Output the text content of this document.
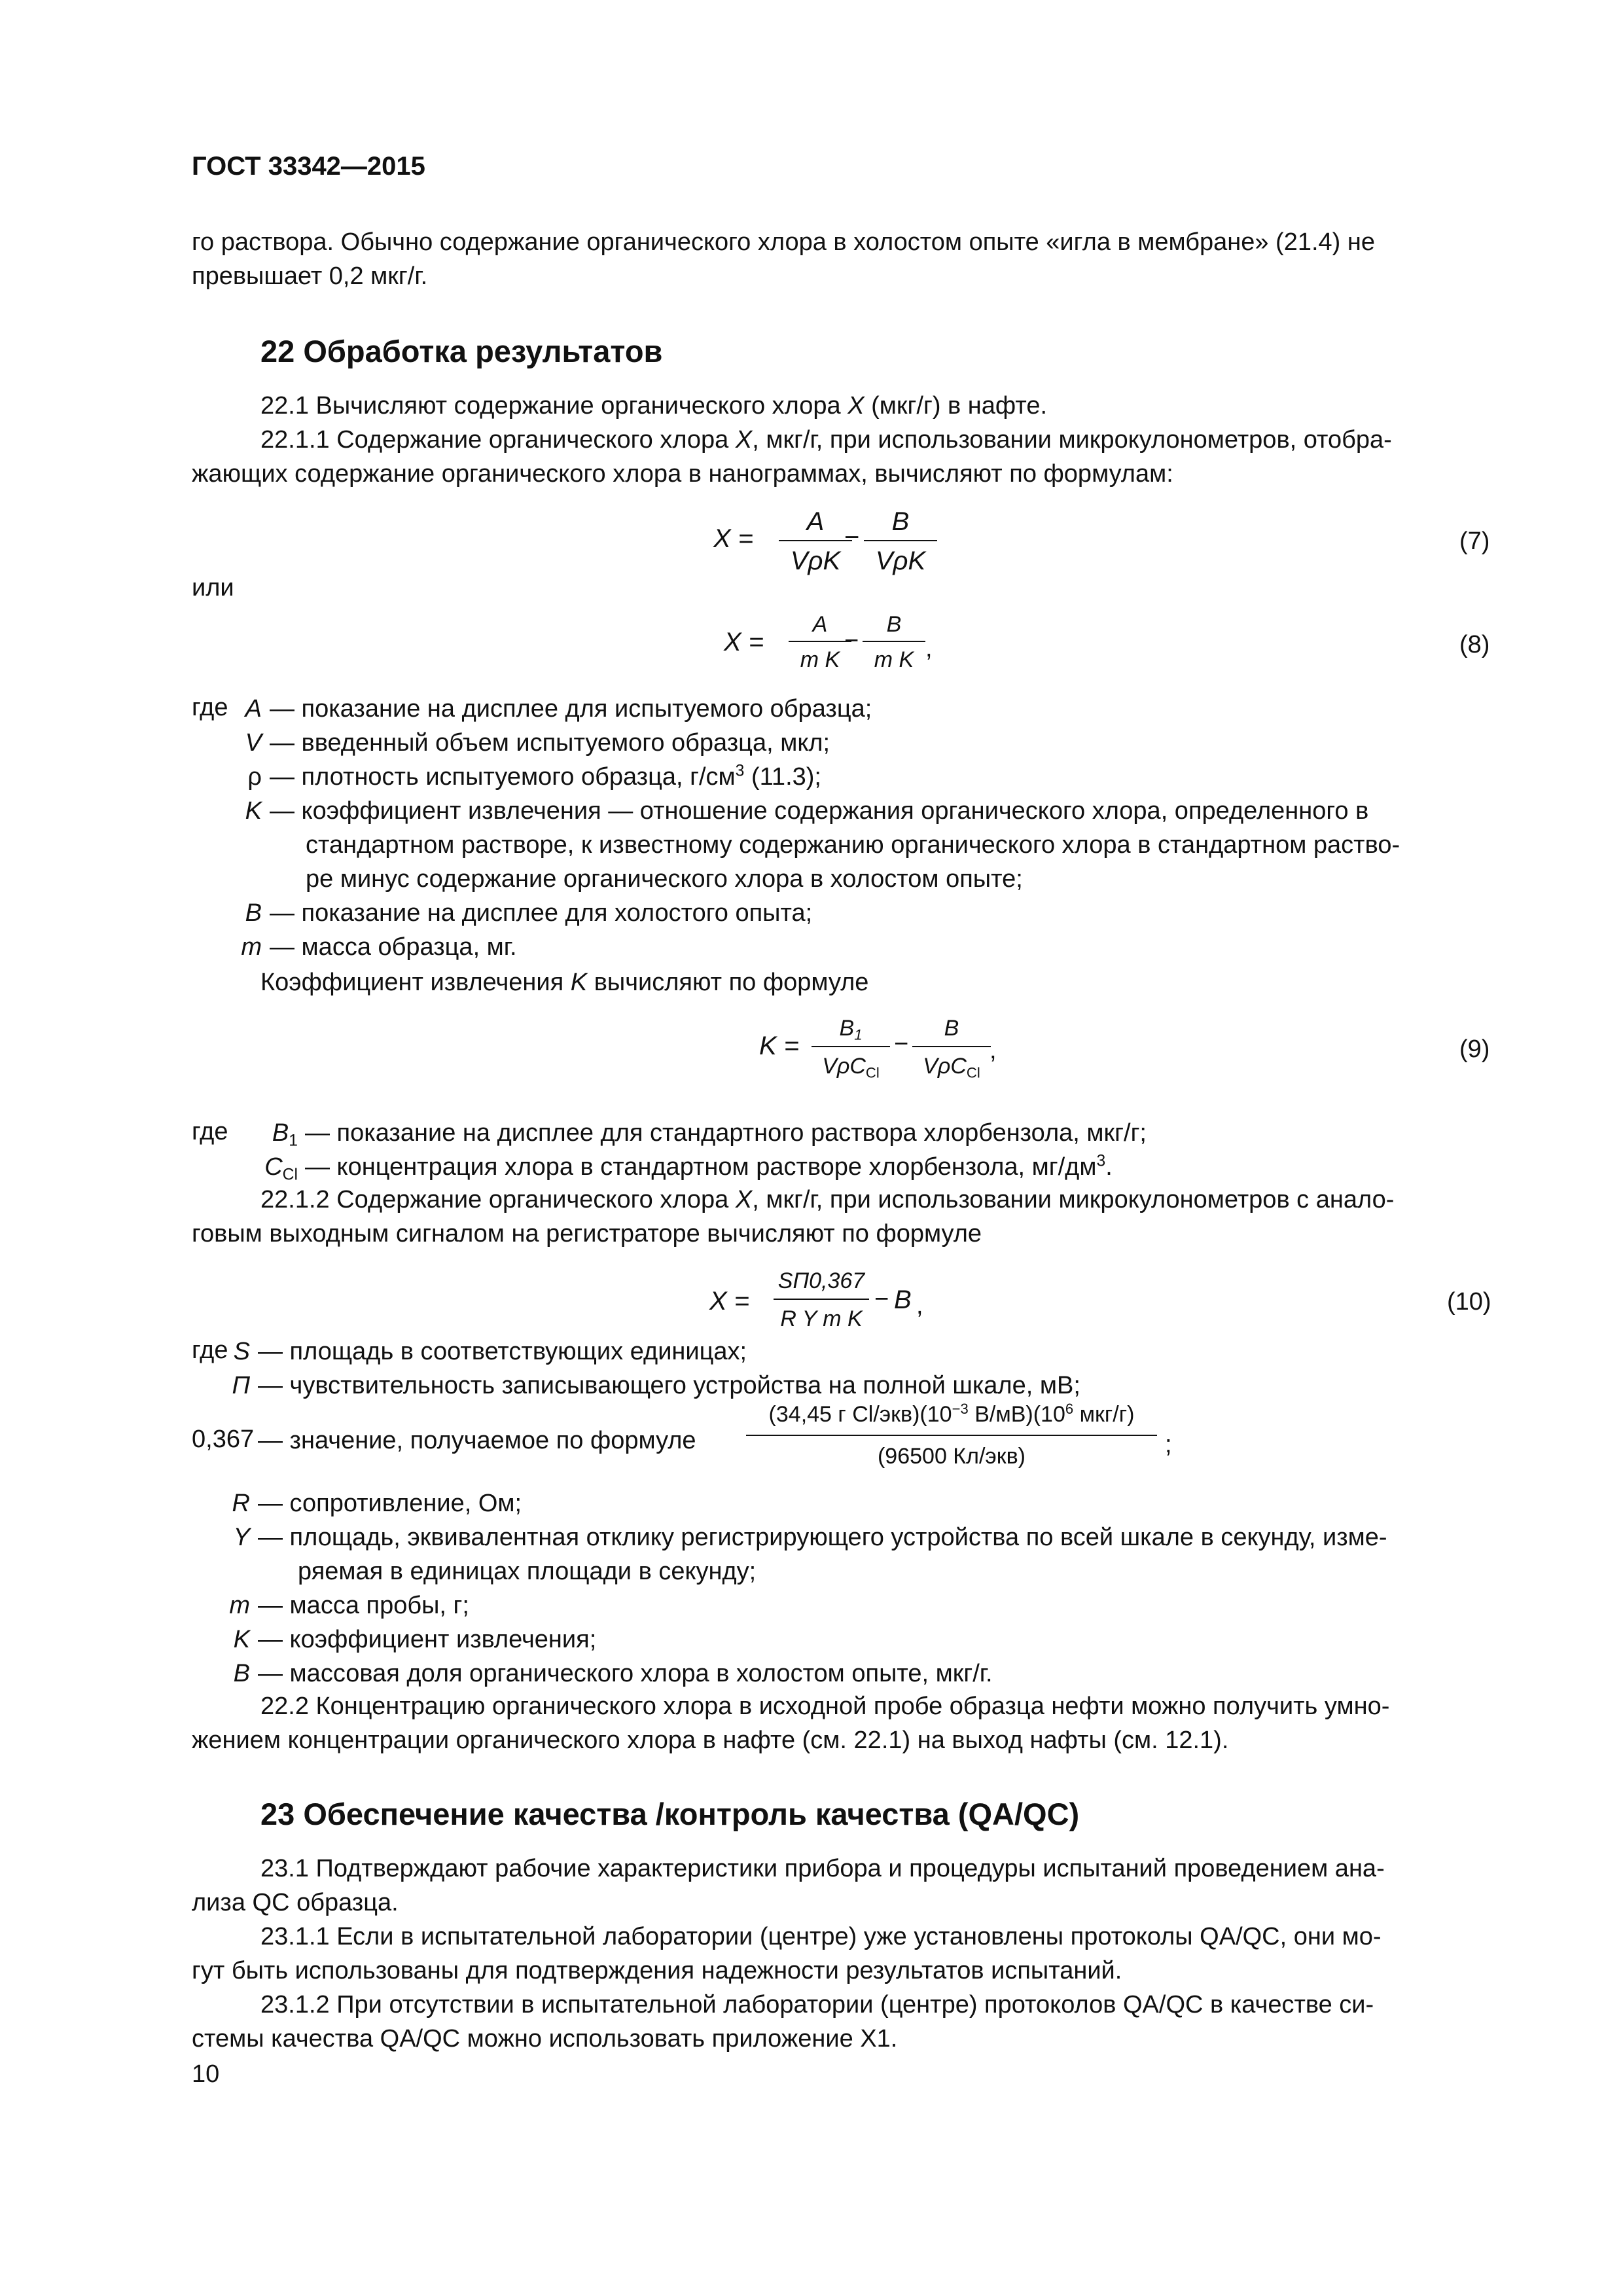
ГОСТ 33342—2015
го раствора. Обычно содержание органического хлора в холостом опыте «игла в мембране» (21.4) не
превышает 0,2 мкг/г.
22 Обработка результатов
22.1 Вычисляют содержание органического хлора X (мкг/г) в нафте.
22.1.1 Содержание органического хлора X, мкг/г, при использовании микрокулонометров, отобра-
жающих содержание органического хлора в нанограммах, вычисляют по формулам:
X =
A
VρK
−
B
VρK
(7)
или
X =
A
m K
−
B
m K ,	(8)
где A — показание на дисплее для испытуемого образца;
V — введенный объем испытуемого образца, мкл;
ρ — плотность испытуемого образца, $г/см^3$ (11.3);
K — коэффициент извлечения — отношение содержания органического хлора, определенного в
стандартном растворе, к известному содержанию органического хлора в стандартном раство-
ре минус содержание органического хлора в холостом опыте;
B — показание на дисплее для холостого опыта;
m — масса образца, мг.
Коэффициент извлечения K вычисляют по формуле
K =
$B_1$
VρC$_{Cl}$
−
B
VρC$_{Cl}$
,	(9)
где $B_1$ — показание на дисплее для стандартного раствора хлорбензола, мкг/г;
$C_{Cl}$ — концентрация хлора в стандартном растворе хлорбензола, $мг/дм^3$.
22.1.2 Содержание органического хлора X, мкг/г, при использовании микрокулонометров с анало-
говым выходным сигналом на регистраторе вычисляют по формуле
X =
SП0,367
R Y m K
− B ,	(10)
где S — площадь в соответствующих единицах;
П — чувствительность записывающего устройства на полной шкале, мВ;
0,367 — значение, получаемое по формуле
(34,45 г $Cl/экв)(10^{-3}$ $В/мВ)(10^6$ мкг/г)
(96500 Кл/экв)	;
R — сопротивление, Ом;
Y — площадь, эквивалентная отклику регистрирующего устройства по всей шкале в секунду, изме-
ряемая в единицах площади в секунду;
m — масса пробы, г;
K — коэффициент извлечения;
B — массовая доля органического хлора в холостом опыте, мкг/г.
22.2 Концентрацию органического хлора в исходной пробе образца нефти можно получить умно-
жением концентрации органического хлора в нафте (см. 22.1) на выход нафты (см. 12.1).
23 Обеспечение качества /контроль качества (QA/QC)
23.1 Подтверждают рабочие характеристики прибора и процедуры испытаний проведением ана-
лиза QC образца.
23.1.1 Если в испытательной лаборатории (центре) уже установлены протоколы QA/QC, они мо-
гут быть использованы для подтверждения надежности результатов испытаний.
23.1.2 При отсутствии в испытательной лаборатории (центре) протоколов QA/QC в качестве си-
стемы качества QA/QC можно использовать приложение X1.
10
